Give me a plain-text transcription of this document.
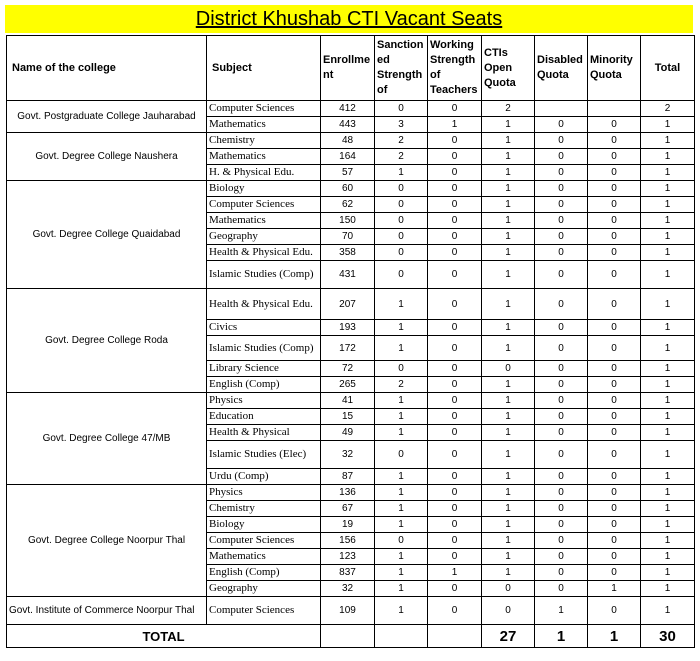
District Khushab CTI Vacant Seats
Name of the college	Subject	Enrollme nt	Sanction ed Strength of	Working Strength of Teachers	CTIs Open Quota	Disabled Quota	Minority Quota	Total
Govt. Postgraduate College Jauharabad	Computer Sciences	412	0	0	2			2
	Mathematics	443	3	1	1	0	0	1
Govt. Degree College Naushera	Chemistry	48	2	0	1	0	0	1
	Mathematics	164	2	0	1	0	0	1
	H. & Physical Edu.	57	1	0	1	0	0	1
Govt. Degree College Quaidabad	Biology	60	0	0	1	0	0	1
	Computer Sciences	62	0	0	1	0	0	1
	Mathematics	150	0	0	1	0	0	1
	Geography	70	0	0	1	0	0	1
	Health & Physical Edu.	358	0	0	1	0	0	1
	Islamic Studies (Comp)	431	0	0	1	0	0	1
Govt. Degree College Roda	Health & Physical Edu.	207	1	0	1	0	0	1
	Civics	193	1	0	1	0	0	1
	Islamic Studies (Comp)	172	1	0	1	0	0	1
	Library Science	72	0	0	0	0	0	1
	English (Comp)	265	2	0	1	0	0	1
Govt. Degree College 47/MB	Physics	41	1	0	1	0	0	1
	Education	15	1	0	1	0	0	1
	Health & Physical	49	1	0	1	0	0	1
	Islamic Studies (Elec)	32	0	0	1	0	0	1
	Urdu (Comp)	87	1	0	1	0	0	1
Govt. Degree College Noorpur Thal	Physics	136	1	0	1	0	0	1
	Chemistry	67	1	0	1	0	0	1
	Biology	19	1	0	1	0	0	1
	Computer Sciences	156	0	0	1	0	0	1
	Mathematics	123	1	0	1	0	0	1
	English (Comp)	837	1	1	1	0	0	1
	Geography	32	1	0	0	0	1	1
Govt. Institute of Commerce Noorpur Thal	Computer Sciences	109	1	0	0	1	0	1
TOTAL					27	1	1	30
